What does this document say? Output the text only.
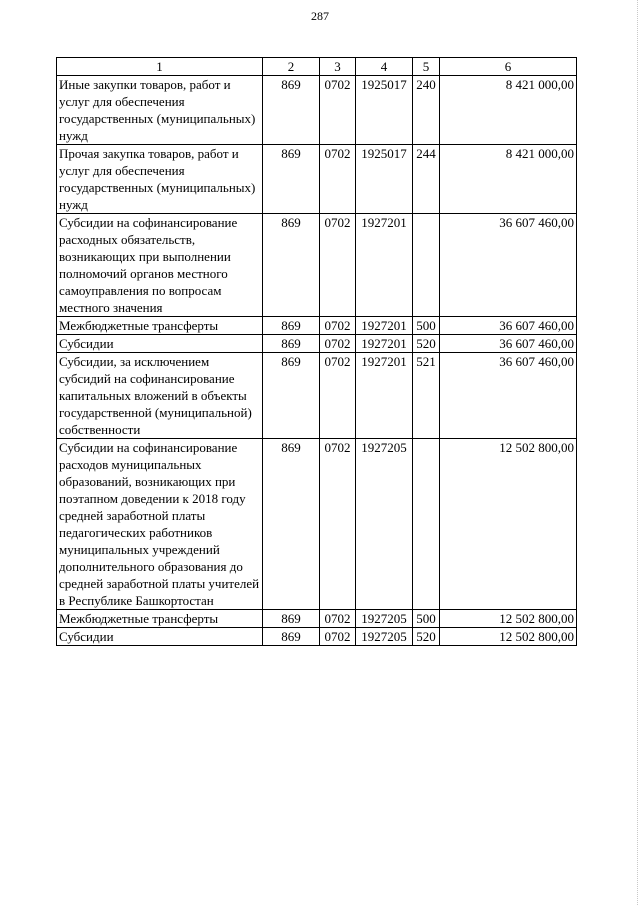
287
1	2	3	4	5	6
Иные закупки товаров, работ и услуг для обеспечения государственных (муниципальных) нужд	869	0702	1925017	240	8 421 000,00
Прочая закупка товаров, работ и услуг для обеспечения государственных (муниципальных) нужд	869	0702	1925017	244	8 421 000,00
Субсидии на софинансирование расходных обязательств, возникающих при выполнении полномочий органов местного самоуправления по вопросам местного значения	869	0702	1927201		36 607 460,00
Межбюджетные трансферты	869	0702	1927201	500	36 607 460,00
Субсидии	869	0702	1927201	520	36 607 460,00
Субсидии, за исключением субсидий на софинансирование капитальных вложений в объекты государственной (муниципальной) собственности	869	0702	1927201	521	36 607 460,00
Субсидии на софинансирование расходов муниципальных образований, возникающих при поэтапном доведении к 2018 году средней заработной платы педагогических работников муниципальных учреждений дополнительного образования до средней заработной платы учителей в Республике Башкортостан	869	0702	1927205		12 502 800,00
Межбюджетные трансферты	869	0702	1927205	500	12 502 800,00
Субсидии	869	0702	1927205	520	12 502 800,00
